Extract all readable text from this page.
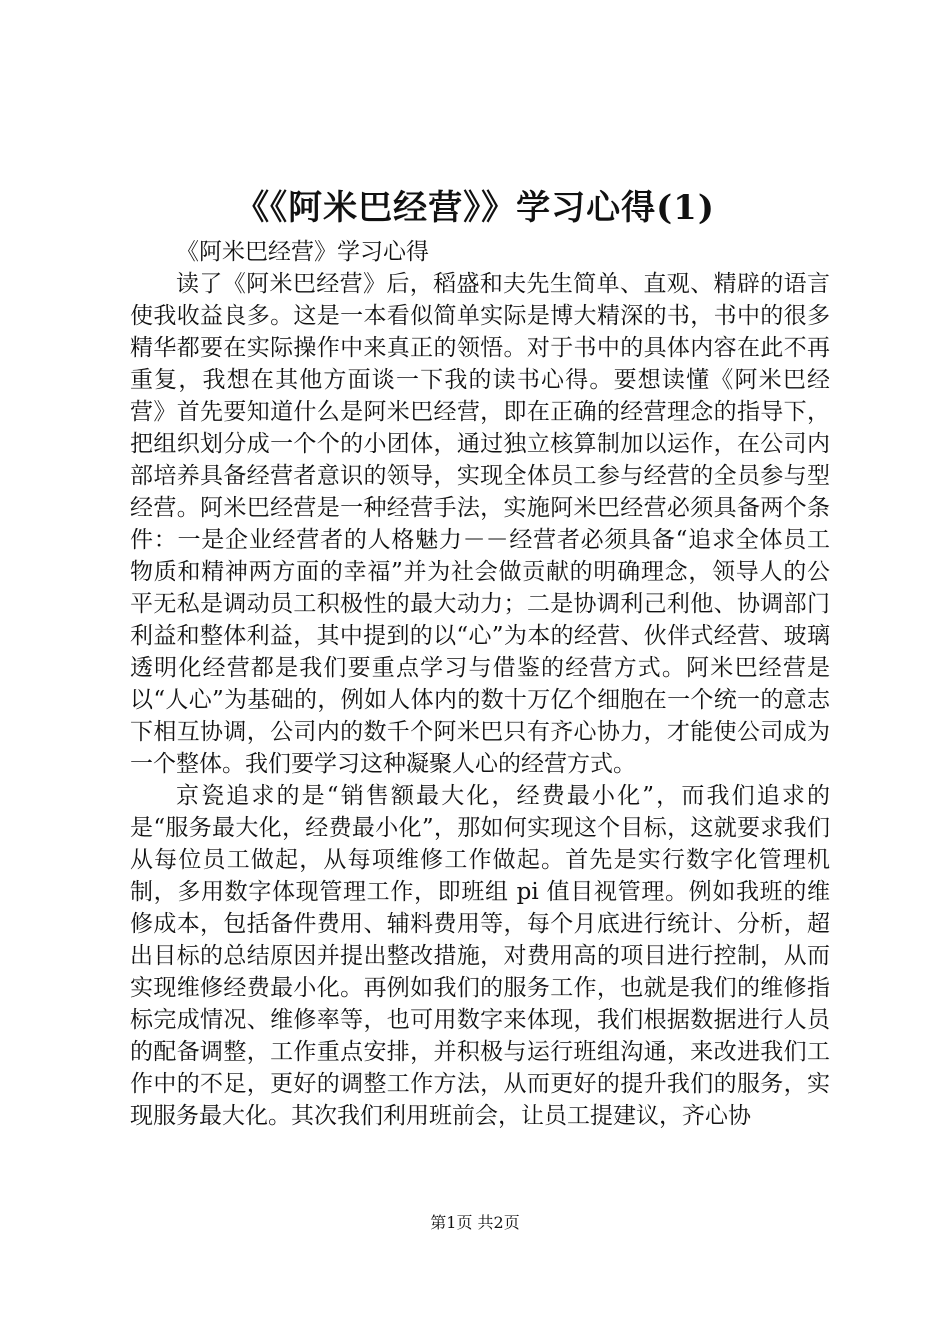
《《阿米巴经营》》学习心得(1)
《阿米巴经营》学习心得

读了《阿米巴经营》后，稻盛和夫先生简单、直观、精辟的语言使我收益良多。这是一本看似简单实际是博大精深的书，书中的很多精华都要在实际操作中来真正的领悟。对于书中的具体内容在此不再重复，我想在其他方面谈一下我的读书心得。要想读懂《阿米巴经营》首先要知道什么是阿米巴经营，即在正确的经营理念的指导下，把组织划分成一个个的小团体，通过独立核算制加以运作，在公司内部培养具备经营者意识的领导，实现全体员工参与经营的全员参与型经营。阿米巴经营是一种经营手法，实施阿米巴经营必须具备两个条件：一是企业经营者的人格魅力－－经营者必须具备“追求全体员工物质和精神两方面的幸福”并为社会做贡献的明确理念，领导人的公平无私是调动员工积极性的最大动力；二是协调利己利他、协调部门利益和整体利益，其中提到的以“心”为本的经营、伙伴式经营、玻璃透明化经营都是我们要重点学习与借鉴的经营方式。阿米巴经营是以“人心”为基础的，例如人体内的数十万亿个细胞在一个统一的意志下相互协调，公司内的数千个阿米巴只有齐心协力，才能使公司成为一个整体。我们要学习这种凝聚人心的经营方式。

京瓷追求的是“销售额最大化，经费最小化”，而我们追求的是“服务最大化，经费最小化”，那如何实现这个目标，这就要求我们从每位员工做起，从每项维修工作做起。首先是实行数字化管理机制，多用数字体现管理工作，即班组 pi 值目视管理。例如我班的维修成本，包括备件费用、辅料费用等，每个月底进行统计、分析，超出目标的总结原因并提出整改措施，对费用高的项目进行控制，从而实现维修经费最小化。再例如我们的服务工作，也就是我们的维修指标完成情况、维修率等，也可用数字来体现，我们根据数据进行人员的配备调整，工作重点安排，并积极与运行班组沟通，来改进我们工作中的不足，更好的调整工作方法，从而更好的提升我们的服务，实现服务最大化。其次我们利用班前会，让员工提建议，齐心协

第1页 共2页
